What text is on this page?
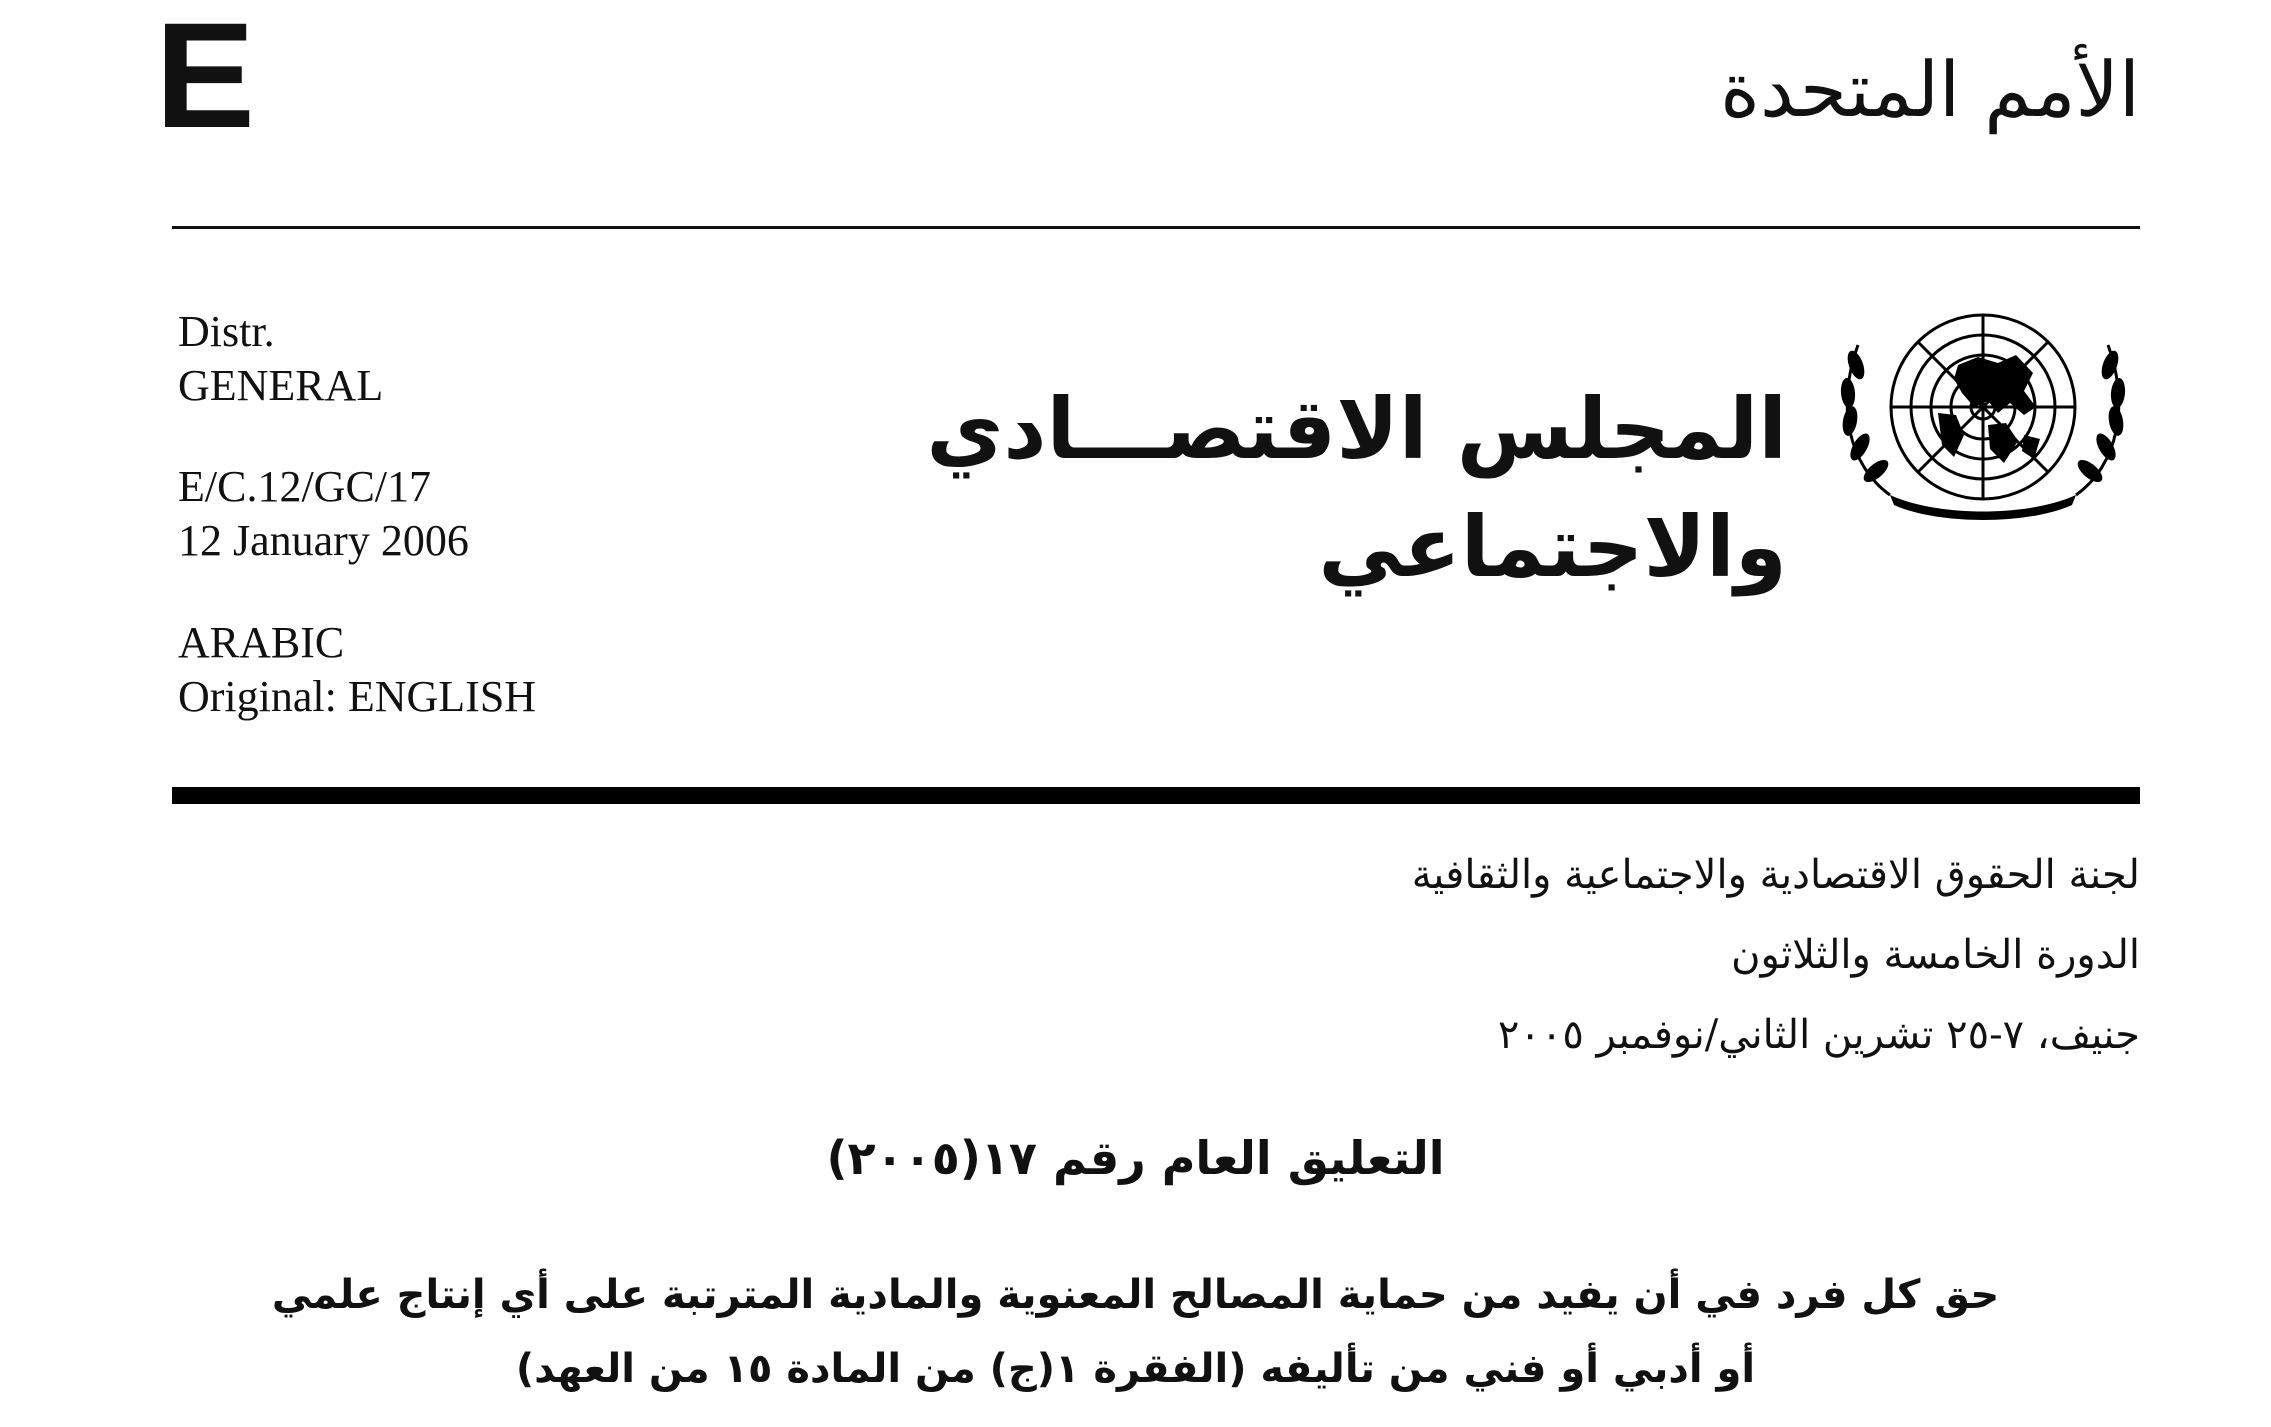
E	الأمم المتحدة
Distr.
GENERAL
E/C.12/GC/17
12 January 2006
ARABIC
Original: ENGLISH
المجلس الاقتصـــادي
والاجتماعي
لجنة الحقوق الاقتصادية والاجتماعية والثقافية
الدورة الخامسة والثلاثون
جنيف، ٧-٢٥ تشرين الثاني/نوفمبر ٢٠٠٥
التعليق العام رقم ١٧(٢٠٠٥)
حق كل فرد في أن يفيد من حماية المصالح المعنوية والمادية المترتبة على أي إنتاج علمي
أو أدبي أو فني من تأليفه (الفقرة ١(ج) من المادة ١٥ من العهد)
